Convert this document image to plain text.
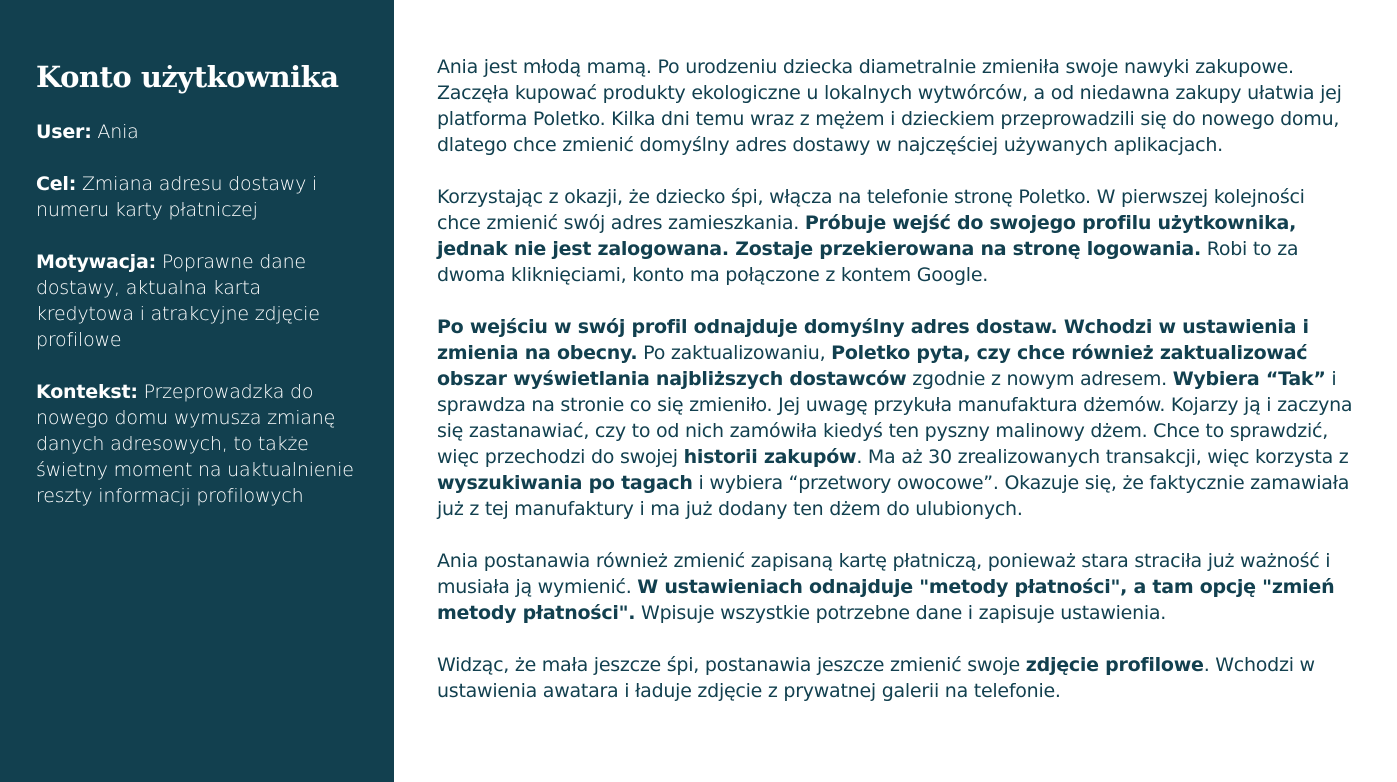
Konto użytkownika
User: Ania
Cel: Zmiana adresu dostawy i numeru karty płatniczej
Motywacja: Poprawne dane dostawy, aktualna karta kredytowa i atrakcyjne zdjęcie profilowe
Kontekst: Przeprowadzka do nowego domu wymusza zmianę danych adresowych, to także świetny moment na uaktualnienie reszty informacji profilowych

Ania jest młodą mamą. Po urodzeniu dziecka diametralnie zmieniła swoje nawyki zakupowe. Zaczęła kupować produkty ekologiczne u lokalnych wytwórców, a od niedawna zakupy ułatwia jej platforma Poletko. Kilka dni temu wraz z mężem i dzieckiem przeprowadzili się do nowego domu, dlatego chce zmienić domyślny adres dostawy w najczęściej używanych aplikacjach.

Korzystając z okazji, że dziecko śpi, włącza na telefonie stronę Poletko. W pierwszej kolejności chce zmienić swój adres zamieszkania. Próbuje wejść do swojego profilu użytkownika, jednak nie jest zalogowana. Zostaje przekierowana na stronę logowania. Robi to za dwoma kliknięciami, konto ma połączone z kontem Google.

Po wejściu w swój profil odnajduje domyślny adres dostaw. Wchodzi w ustawienia i zmienia na obecny. Po zaktualizowaniu, Poletko pyta, czy chce również zaktualizować obszar wyświetlania najbliższych dostawców zgodnie z nowym adresem. Wybiera “Tak” i sprawdza na stronie co się zmieniło. Jej uwagę przykuła manufaktura dżemów. Kojarzy ją i zaczyna się zastanawiać, czy to od nich zamówiła kiedyś ten pyszny malinowy dżem. Chce to sprawdzić, więc przechodzi do swojej historii zakupów. Ma aż 30 zrealizowanych transakcji, więc korzysta z wyszukiwania po tagach i wybiera “przetwory owocowe”. Okazuje się, że faktycznie zamawiała już z tej manufaktury i ma już dodany ten dżem do ulubionych.

Ania postanawia również zmienić zapisaną kartę płatniczą, ponieważ stara straciła już ważność i musiała ją wymienić. W ustawieniach odnajduje "metody płatności", a tam opcję "zmień metody płatności". Wpisuje wszystkie potrzebne dane i zapisuje ustawienia.

Widząc, że mała jeszcze śpi, postanawia jeszcze zmienić swoje zdjęcie profilowe. Wchodzi w ustawienia awatara i ładuje zdjęcie z prywatnej galerii na telefonie.
